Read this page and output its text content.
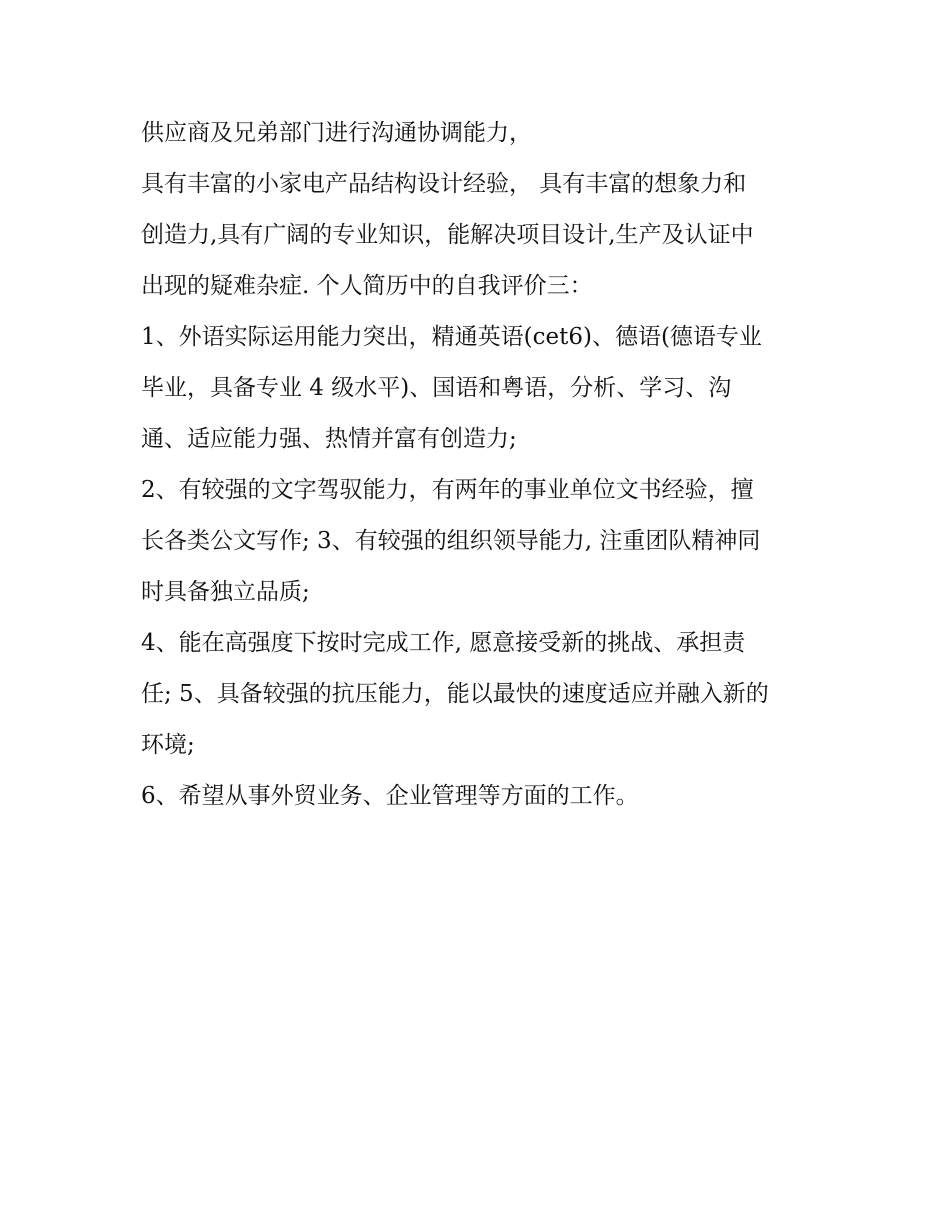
供应商及兄弟部门进行沟通协调能力，

具有丰富的小家电产品结构设计经验， 具有丰富的想象力和

创造力,具有广阔的专业知识，能解决项目设计,生产及认证中

出现的疑难杂症. 个人简历中的自我评价三：

1、外语实际运用能力突出，精通英语(cet6)、德语(德语专业

毕业，具备专业 4 级水平)、国语和粤语，分析、学习、沟

通、适应能力强、热情并富有创造力;

2、有较强的文字驾驭能力，有两年的事业单位文书经验，擅

长各类公文写作; 3、有较强的组织领导能力, 注重团队精神同

时具备独立品质;

4、能在高强度下按时完成工作, 愿意接受新的挑战、承担责

任; 5、具备较强的抗压能力，能以最快的速度适应并融入新的

环境;

6、希望从事外贸业务、企业管理等方面的工作。
